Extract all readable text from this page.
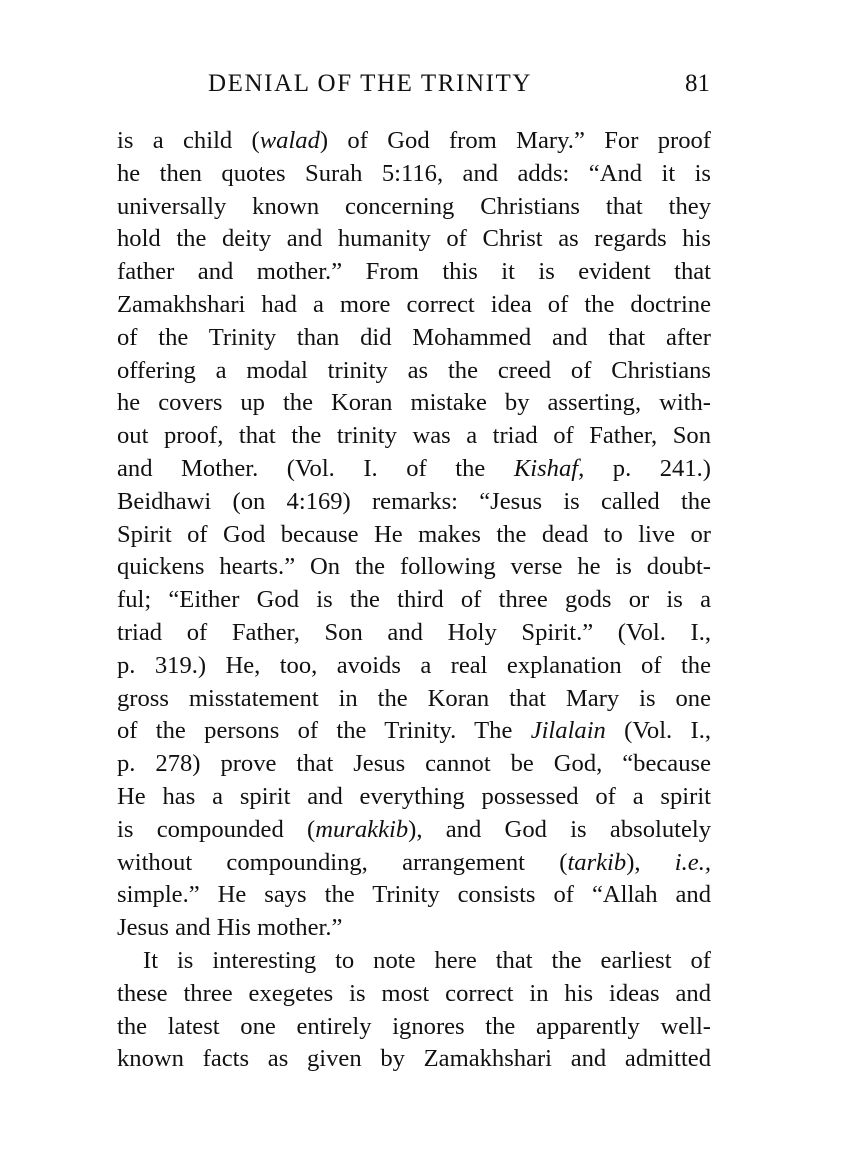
DENIAL OF THE TRINITY	81
is a child (walad) of God from Mary.” For proof
he then quotes Surah 5:116, and adds: “And it is
universally known concerning Christians that they
hold the deity and humanity of Christ as regards his
father and mother.” From this it is evident that
Zamakhshari had a more correct idea of the doctrine
of the Trinity than did Mohammed and that after
offering a modal trinity as the creed of Christians
he covers up the Koran mistake by asserting, with-
out proof, that the trinity was a triad of Father, Son
and Mother. (Vol. I. of the Kishaf, p. 241.)
Beidhawi (on 4:169) remarks: “Jesus is called the
Spirit of God because He makes the dead to live or
quickens hearts.” On the following verse he is doubt-
ful; “Either God is the third of three gods or is a
triad of Father, Son and Holy Spirit.” (Vol. I.,
p. 319.) He, too, avoids a real explanation of the
gross misstatement in the Koran that Mary is one
of the persons of the Trinity. The Jilalain (Vol. I.,
p. 278) prove that Jesus cannot be God, “because
He has a spirit and everything possessed of a spirit
is compounded (murakkib), and God is absolutely
without compounding, arrangement (tarkib), i.e.,
simple.” He says the Trinity consists of “Allah and
Jesus and His mother.”
It is interesting to note here that the earliest of
these three exegetes is most correct in his ideas and
the latest one entirely ignores the apparently well-
known facts as given by Zamakhshari and admitted
